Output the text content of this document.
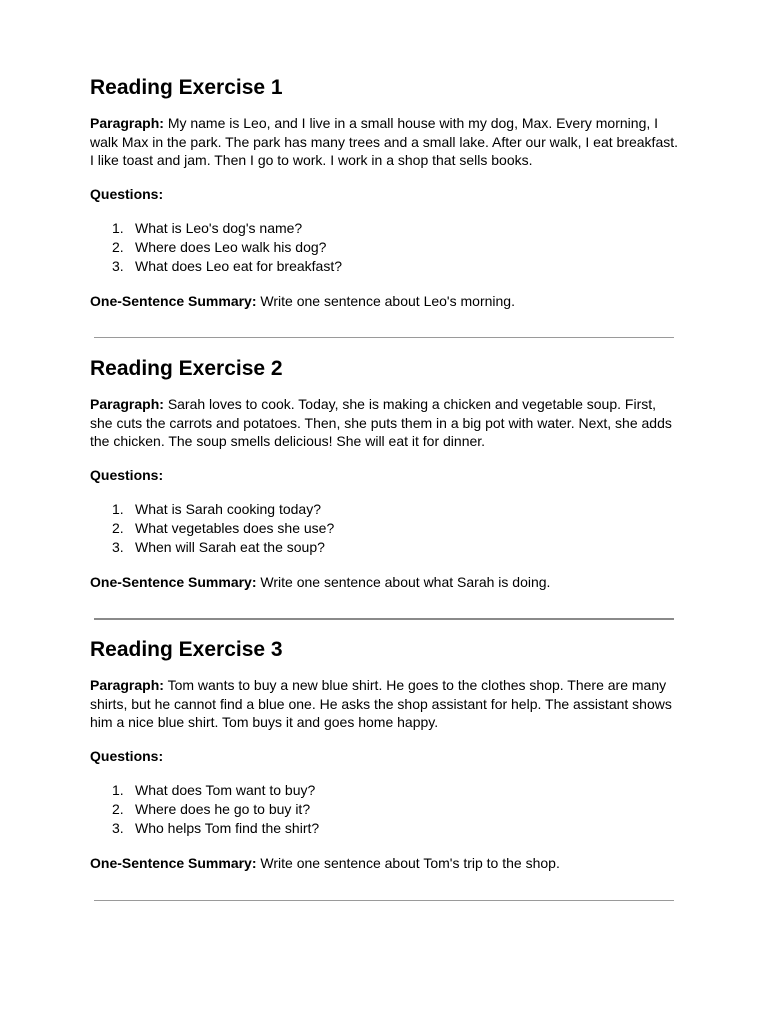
Reading Exercise 1

Paragraph: My name is Leo, and I live in a small house with my dog, Max. Every morning, I walk Max in the park. The park has many trees and a small lake. After our walk, I eat breakfast. I like toast and jam. Then I go to work. I work in a shop that sells books.

Questions:

1. What is Leo's dog's name?
2. Where does Leo walk his dog?
3. What does Leo eat for breakfast?

One-Sentence Summary: Write one sentence about Leo's morning.

Reading Exercise 2

Paragraph: Sarah loves to cook. Today, she is making a chicken and vegetable soup. First, she cuts the carrots and potatoes. Then, she puts them in a big pot with water. Next, she adds the chicken. The soup smells delicious! She will eat it for dinner.

Questions:

1. What is Sarah cooking today?
2. What vegetables does she use?
3. When will Sarah eat the soup?

One-Sentence Summary: Write one sentence about what Sarah is doing.

Reading Exercise 3

Paragraph: Tom wants to buy a new blue shirt. He goes to the clothes shop. There are many shirts, but he cannot find a blue one. He asks the shop assistant for help. The assistant shows him a nice blue shirt. Tom buys it and goes home happy.

Questions:

1. What does Tom want to buy?
2. Where does he go to buy it?
3. Who helps Tom find the shirt?

One-Sentence Summary: Write one sentence about Tom's trip to the shop.
